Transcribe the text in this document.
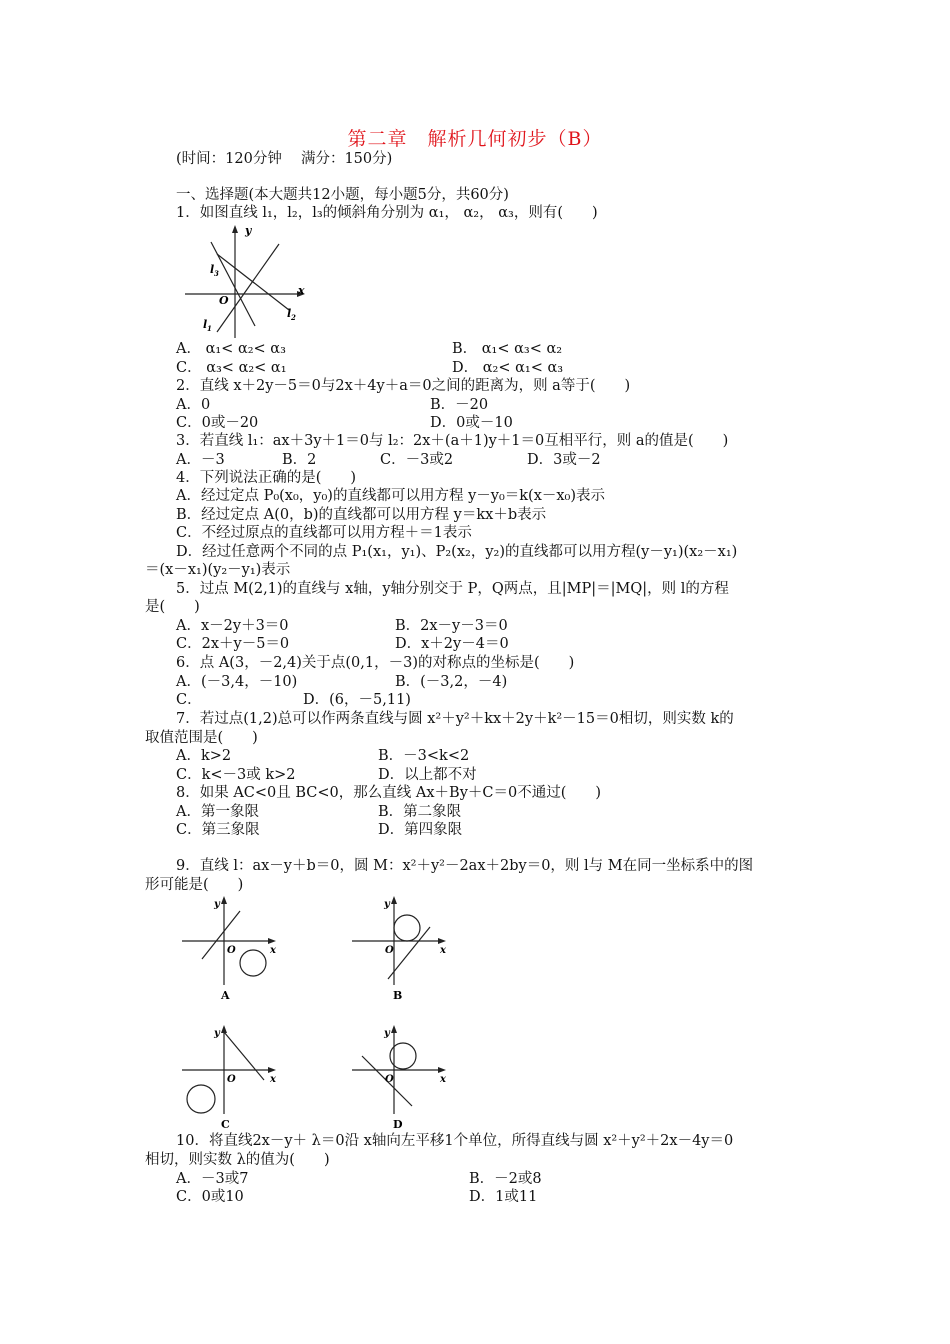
第二章　解析几何初步（B）
(时间：120分钟　 满分：150分)
一、选择题(本大题共12小题，每小题5分，共60分)
1．如图直线 l₁，l₂，l₃的倾斜角分别为 α₁， α₂， α₃，则有(　　)
A． α₁< α₂< α₃	B． α₁< α₃< α₂
C． α₃< α₂< α₁	D． α₂< α₁< α₃
2．直线 x＋2y－5＝0与2x＋4y＋a＝0之间的距离为，则 a等于(　　)
A．0	B．－20
C．0或－20	D．0或－10
3．若直线 l₁：ax＋3y＋1＝0与 l₂：2x＋(a＋1)y＋1＝0互相平行，则 a的值是(　　)
A．－3	B．2	C．－3或2	D．3或－2
4．下列说法正确的是(　　)
A．经过定点 P₀(x₀，y₀)的直线都可以用方程 y－y₀＝k(x－x₀)表示
B．经过定点 A(0，b)的直线都可以用方程 y＝kx＋b表示
C．不经过原点的直线都可以用方程＋＝1表示
D．经过任意两个不同的点 P₁(x₁，y₁)、P₂(x₂，y₂)的直线都可以用方程(y－y₁)(x₂－x₁)
＝(x－x₁)(y₂－y₁)表示
5．过点 M(2,1)的直线与 x轴，y轴分别交于 P，Q两点，且|MP|＝|MQ|，则 l的方程
是(　　)
A．x－2y＋3＝0	B．2x－y－3＝0
C．2x＋y－5＝0	D．x＋2y－4＝0
6．点 A(3，－2,4)关于点(0,1，－3)的对称点的坐标是(　　)
A．(－3,4，－10)	B．(－3,2，－4)
C．	D．(6，－5,11)
7．若过点(1,2)总可以作两条直线与圆 x²＋y²＋kx＋2y＋k²－15＝0相切，则实数 k的
取值范围是(　　)
A．k>2	B．－3<k<2
C．k<－3或 k>2	D．以上都不对
8．如果 AC<0且 BC<0，那么直线 Ax＋By＋C＝0不通过(　　)
A．第一象限	B．第二象限
C．第三象限	D．第四象限
9．直线 l：ax－y＋b＝0，圆 M：x²＋y²－2ax＋2by＝0，则 l与 M在同一坐标系中的图
形可能是(　　)
10．将直线2x－y＋ λ＝0沿 x轴向左平移1个单位，所得直线与圆 x²＋y²＋2x－4y＝0
相切，则实数 λ的值为(　　)
A．－3或7	B．－2或8
C．0或10	D．1或11
y
x
O
l 3
l 2
l 1
y
x
O
A
y
x
O
B
y
x
O
C
y
x
O
D
